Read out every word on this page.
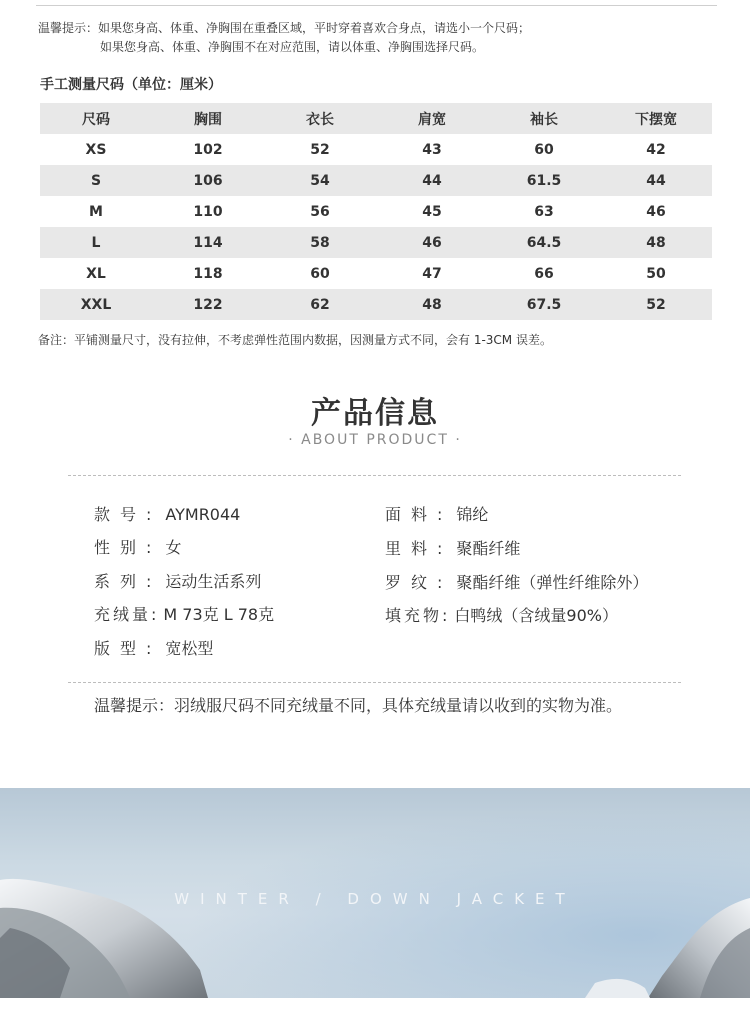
温馨提示：如果您身高、体重、净胸围在重叠区域，平时穿着喜欢合身点，请选小一个尺码；
如果您身高、体重、净胸围不在对应范围，请以体重、净胸围选择尺码。
手工测量尺码（单位：厘米）
尺码	胸围	衣长	肩宽	袖长	下摆宽
XS	102	52	43	60	42
S	106	54	44	61.5	44
M	110	56	45	63	46
L	114	58	46	64.5	48
XL	118	60	47	66	50
XXL	122	62	48	67.5	52
备注：平铺测量尺寸，没有拉伸，不考虑弹性范围内数据，因测量方式不同，会有 1-3CM 误差。
产品信息
· ABOUT PRODUCT ·
款号: AYMR044
性别: 女
系列: 运动生活系列
充绒量: M 73克 L 78克
版型: 宽松型
面料: 锦纶
里料: 聚酯纤维
罗纹: 聚酯纤维（弹性纤维除外）
填充物: 白鸭绒（含绒量90%）
温馨提示：羽绒服尺码不同充绒量不同，具体充绒量请以收到的实物为准。
WINTER / DOWN JACKET
